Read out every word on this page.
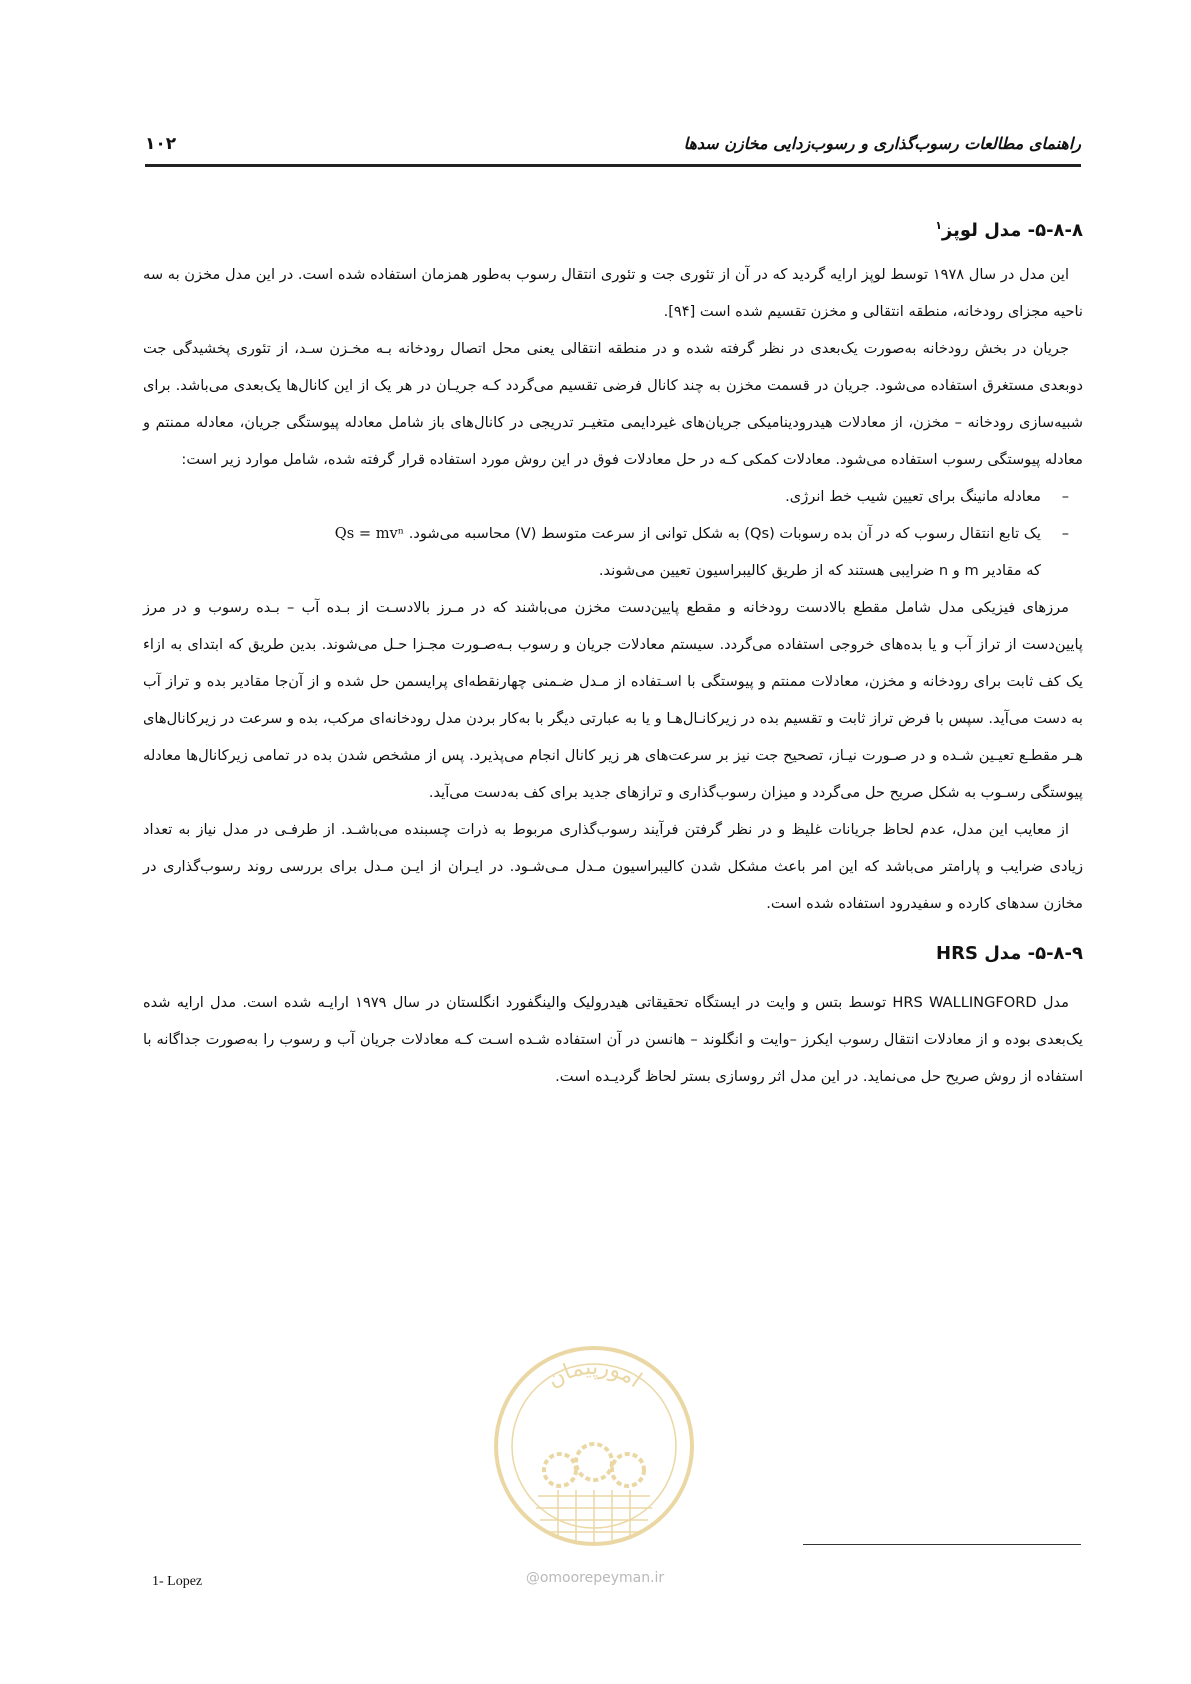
راهنمای مطالعات رسوب‌گذاری و رسوب‌زدایی مخازن سدها
۱۰۲
۵-۸-۸- مدل لوپز$^۱$

این مدل در سال ۱۹۷۸ توسط لوپز ارایه گردید که در آن از تئوری جت و تئوری انتقال رسوب به‌طور همزمان استفاده شده است. در این مدل مخزن به سه ناحیه مجزای رودخانه، منطقه انتقالی و مخزن تقسیم شده است [۹۴].

جریان در بخش رودخانه به‌صورت یک‌بعدی در نظر گرفته شده و در منطقه انتقالی یعنی محل اتصال رودخانه بـه مخـزن سـد، از تئوری پخشیدگی جت دوبعدی مستغرق استفاده می‌شود. جریان در قسمت مخزن به چند کانال فرضی تقسیم می‌گردد کـه جریـان در هر یک از این کانال‌ها یک‌بعدی می‌باشد. برای شبیه‌سازی رودخانه – مخزن، از معادلات هیدرودینامیکی جریان‌های غیردایمی متغیـر تدریجی در کانال‌های باز شامل معادله پیوستگی جریان، معادله ممنتم و معادله پیوستگی رسوب استفاده می‌شود. معادلات کمکی کـه در حل معادلات فوق در این روش مورد استفاده قرار گرفته شده، شامل موارد زیر است:

–
معادله مانینگ برای تعیین شیب خط انرژی.
–
یک تابع انتقال رسوب که در آن بده رسوبات (Qs) به شکل توانی از سرعت متوسط (V) محاسبه می‌شود. Qs = mvⁿ
که مقادیر m و n ضرایبی هستند که از طریق کالیبراسیون تعیین می‌شوند.

مرزهای فیزیکی مدل شامل مقطع بالادست رودخانه و مقطع پایین‌دست مخزن می‌باشند که در مـرز بالادسـت از بـده آب – بـده رسوب و در مرز پایین‌دست از تراز آب و یا بده‌های خروجی استفاده می‌گردد. سیستم معادلات جریان و رسوب بـه‌صـورت مجـزا حـل می‌شوند. بدین طریق که ابتدای به ازاء یک کف ثابت برای رودخانه و مخزن، معادلات ممنتم و پیوستگی با اسـتفاده از مـدل ضـمنی چهارنقطه‌ای پرایسمن حل شده و از آن‌جا مقادیر بده و تراز آب به دست می‌آید. سپس با فرض تراز ثابت و تقسیم بده در زیرکانـال‌هـا و یا به عبارتی دیگر با به‌کار بردن مدل رودخانه‌ای مرکب، بده و سرعت در زیرکانال‌های هـر مقطـع تعیـین شـده و در صـورت نیـاز، تصحیح جت نیز بر سرعت‌های هر زیر کانال انجام می‌پذیرد. پس از مشخص شدن بده در تمامی زیرکانال‌ها معادله پیوستگی رسـوب به شکل صریح حل می‌گردد و میزان رسوب‌گذاری و ترازهای جدید برای کف به‌دست می‌آید.

از معایب این مدل، عدم لحاظ جریانات غلیظ و در نظر گرفتن فرآیند رسوب‌گذاری مربوط به ذرات چسبنده می‌باشـد. از طرفـی در مدل نیاز به تعداد زیادی ضرایب و پارامتر می‌باشد که این امر باعث مشکل شدن کالیبراسیون مـدل مـی‌شـود. در ایـران از ایـن مـدل برای بررسی روند رسوب‌گذاری در مخازن سدهای کارده و سفیدرود استفاده شده است.

۵-۸-۹- مدل HRS

مدل HRS WALLINGFORD توسط بتس و وایت در ایستگاه تحقیقاتی هیدرولیک والینگفورد انگلستان در سال ۱۹۷۹ ارایـه شده است. مدل ارایه شده یک‌بعدی بوده و از معادلات انتقال رسوب ایکرز –وایت و انگلوند – هانسن در آن استفاده شـده اسـت کـه معادلات جریان آب و رسوب را به‌صورت جداگانه با استفاده از روش صریح حل می‌نماید. در این مدل اثر روسازی بستر لحاظ گردیـده است.

امورپیمان
@omoorepeyman.ir
1- Lopez
